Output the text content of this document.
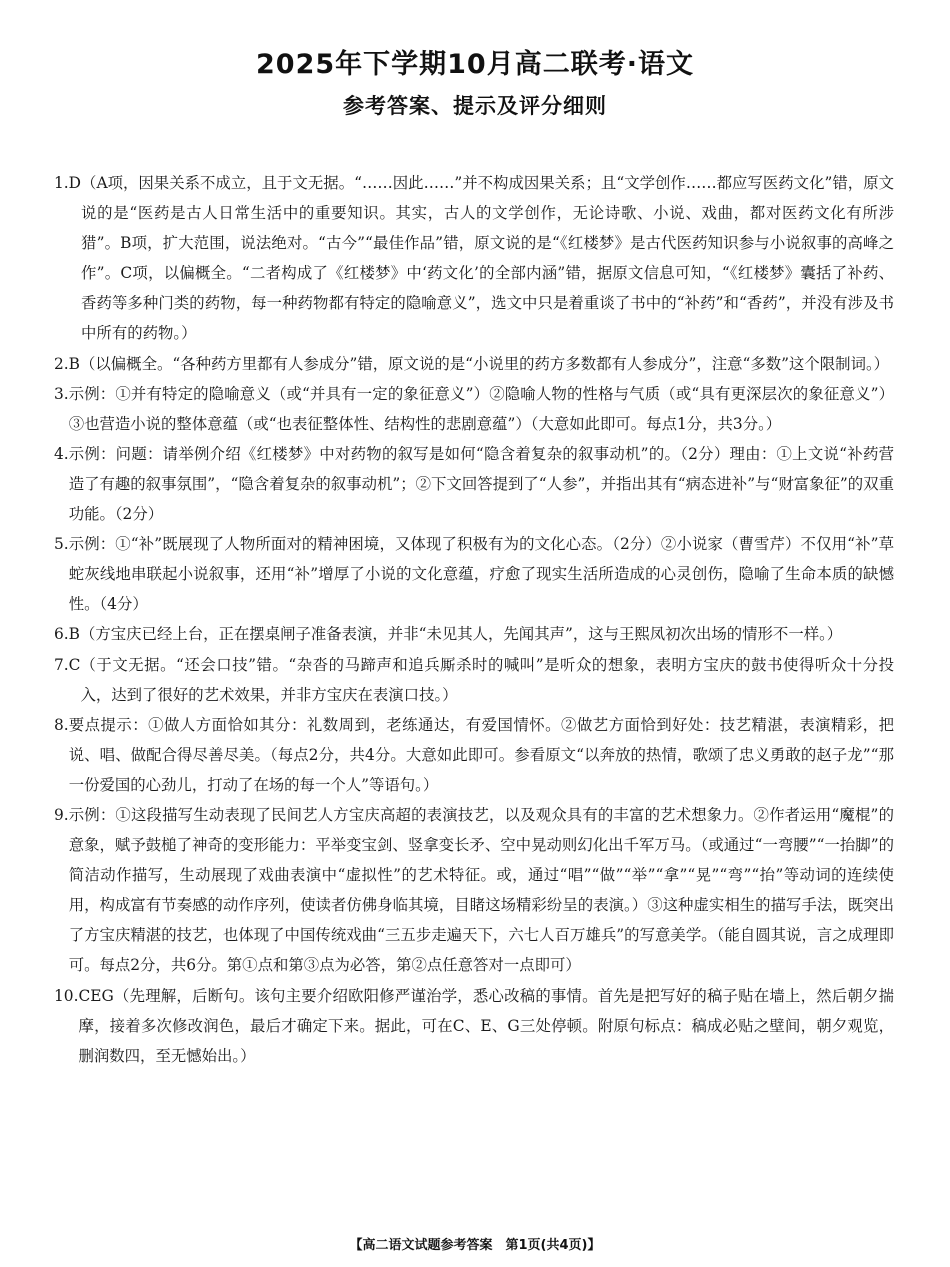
2025年下学期10月高二联考·语文
参考答案、提示及评分细则
1.D （A项，因果关系不成立，且于文无据。“……因此……”并不构成因果关系；且“文学创作……都应写医药文化”错，原文说的是“医药是古人日常生活中的重要知识。其实，古人的文学创作，无论诗歌、小说、戏曲，都对医药文化有所涉猎”。B项，扩大范围，说法绝对。“古今”“最佳作品”错，原文说的是“《红楼梦》是古代医药知识参与小说叙事的高峰之作”。C项，以偏概全。“二者构成了《红楼梦》中‘药文化’的全部内涵”错，据原文信息可知，“《红楼梦》囊括了补药、香药等多种门类的药物，每一种药物都有特定的隐喻意义”，选文中只是着重谈了书中的“补药”和“香药”，并没有涉及书中所有的药物。）
2.B （以偏概全。“各种药方里都有人参成分”错，原文说的是“小说里的药方多数都有人参成分”，注意“多数”这个限制词。）
3. 示例：①并有特定的隐喻意义（或“并具有一定的象征意义”）②隐喻人物的性格与气质（或“具有更深层次的象征意义”）③也营造小说的整体意蕴（或“也表征整体性、结构性的悲剧意蕴”）（大意如此即可。每点1分，共3分。）
4. 示例：问题：请举例介绍《红楼梦》中对药物的叙写是如何“隐含着复杂的叙事动机”的。（2分）理由：①上文说“补药营造了有趣的叙事氛围”，“隐含着复杂的叙事动机”；②下文回答提到了“人参”，并指出其有“病态进补”与“财富象征”的双重功能。（2分）
5. 示例：①“补”既展现了人物所面对的精神困境，又体现了积极有为的文化心态。（2分）②小说家（曹雪芹）不仅用“补”草蛇灰线地串联起小说叙事，还用“补”增厚了小说的文化意蕴，疗愈了现实生活所造成的心灵创伤，隐喻了生命本质的缺憾性。（4分）
6.B （方宝庆已经上台，正在摆桌闸子准备表演，并非“未见其人，先闻其声”，这与王熙凤初次出场的情形不一样。）
7.C （于文无据。“还会口技”错。“杂沓的马蹄声和追兵厮杀时的喊叫”是听众的想象，表明方宝庆的鼓书使得听众十分投入，达到了很好的艺术效果，并非方宝庆在表演口技。）
8. 要点提示：①做人方面恰如其分：礼数周到，老练通达，有爱国情怀。②做艺方面恰到好处：技艺精湛，表演精彩，把说、唱、做配合得尽善尽美。（每点2分，共4分。大意如此即可。参看原文“以奔放的热情，歌颂了忠义勇敢的赵子龙”“那一份爱国的心劲儿，打动了在场的每一个人”等语句。）
9. 示例：①这段描写生动表现了民间艺人方宝庆高超的表演技艺，以及观众具有的丰富的艺术想象力。②作者运用“魔棍”的意象，赋予鼓槌了神奇的变形能力：平举变宝剑、竖拿变长矛、空中晃动则幻化出千军万马。（或通过“一弯腰”“一抬脚”的简洁动作描写，生动展现了戏曲表演中“虚拟性”的艺术特征。或，通过“唱”“做”“举”“拿”“晃”“弯”“抬”等动词的连续使用，构成富有节奏感的动作序列，使读者仿佛身临其境，目睹这场精彩纷呈的表演。）③这种虚实相生的描写手法，既突出了方宝庆精湛的技艺，也体现了中国传统戏曲“三五步走遍天下，六七人百万雄兵”的写意美学。（能自圆其说，言之成理即可。每点2分，共6分。第①点和第③点为必答，第②点任意答对一点即可）
10. CEG（先理解，后断句。该句主要介绍欧阳修严谨治学，悉心改稿的事情。首先是把写好的稿子贴在墙上，然后朝夕揣摩，接着多次修改润色，最后才确定下来。据此，可在C、E、G三处停顿。附原句标点：稿成必贴之壁间，朝夕观览，删润数四，至无憾始出。）
【高二语文试题参考答案　第1页(共4页)】
